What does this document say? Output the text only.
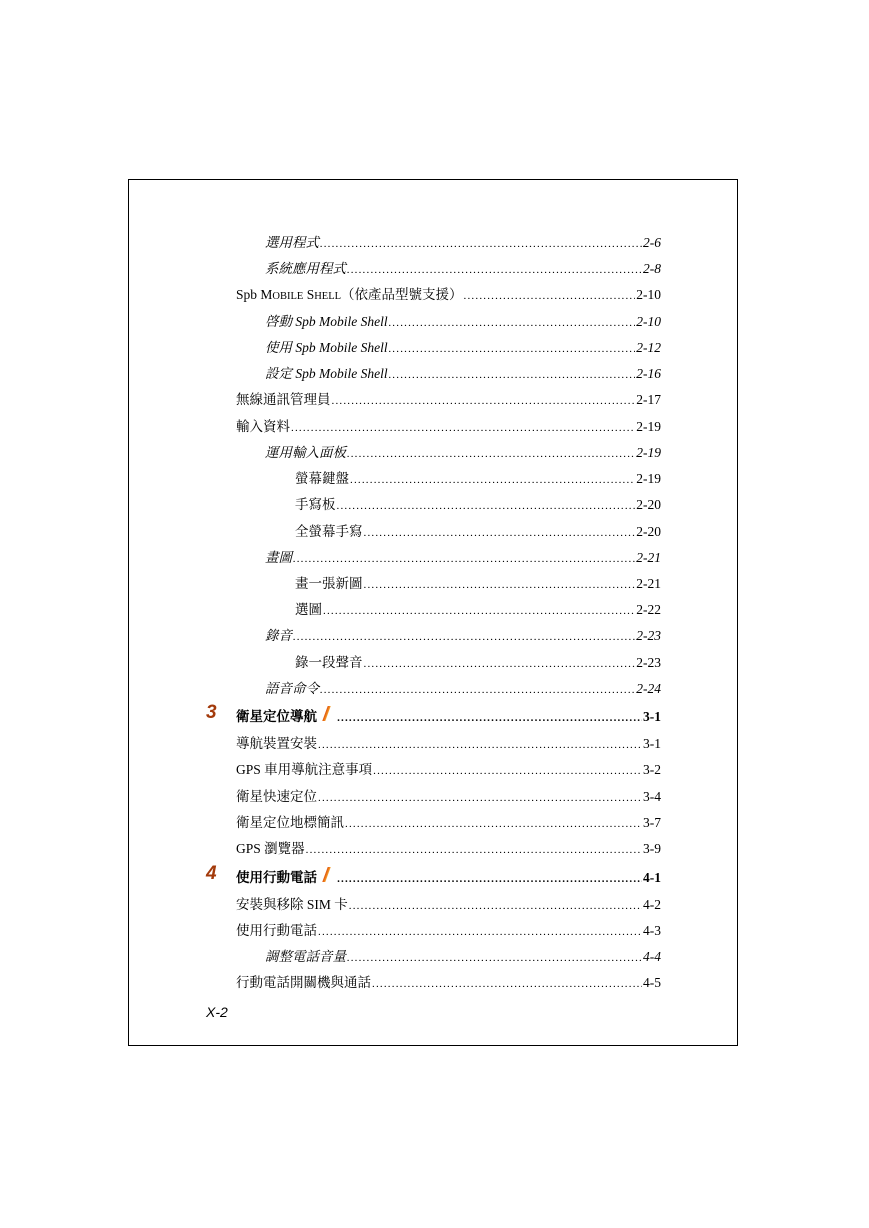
選用程式 .....	2-6
系統應用程式 .....	2-8
Spb MOBILE SHELL（依產品型號支援） .....	2-10
啓動 Spb Mobile Shell .....	2-10
使用 Spb Mobile Shell .....	2-12
設定 Spb Mobile Shell .....	2-16
無線通訊管理員 .....	2-17
輸入資料 .....	2-19
運用輸入面板 .....	2-19
螢幕鍵盤 .....	2-19
手寫板 .....	2-20
全螢幕手寫 .....	2-20
畫圖 .....	2-21
畫一張新圖 .....	2-21
選圖 .....	2-22
錄音 .....	2-23
錄一段聲音 .....	2-23
語音命令 .....	2-24
3	衛星定位導航 .....	3-1
導航裝置安裝 .....	3-1
GPS 車用導航注意事項 .....	3-2
衛星快速定位 .....	3-4
衛星定位地標簡訊 .....	3-7
GPS 瀏覽器 .....	3-9
4	使用行動電話 .....	4-1
安裝與移除 SIM 卡 .....	4-2
使用行動電話 .....	4-3
調整電話音量 .....	4-4
行動電話開關機與通話 .....	4-5
X-2
